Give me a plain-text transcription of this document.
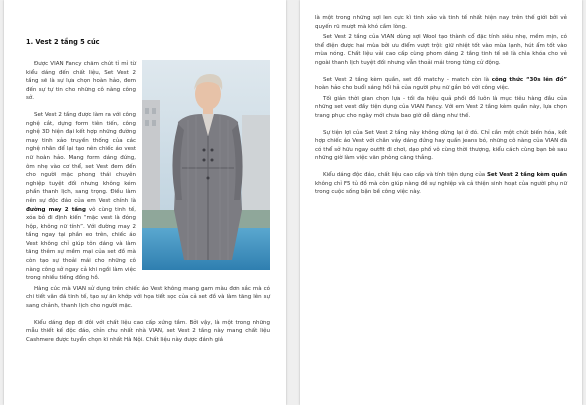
1. Vest 2 tầng 5 cúc

Được VIAN Fancy chăm chút tỉ mỉ từ kiểu dáng đến chất liệu, Set Vest 2 tầng sẽ là sự lựa chọn hoàn hảo, đem đến sự tự tin cho những cô nàng công sở.

Set Vest 2 tầng được làm ra với công nghệ cắt, dựng form tiên tiến, công nghệ 3D hiện đại kết hợp những đường may tinh xảo truyền thống của các nghệ nhân để lại tạo nên chiếc áo vest nữ hoàn hảo. Mang form dáng đứng, ôm nhẹ vào cơ thể, set Vest đem đến cho người mặc phong thái chuyên nghiệp tuyệt đối nhưng không kém phần thanh lịch, sang trọng. Điều làm nên sự độc đáo của em Vest chính là đường may 2 tầng vô cùng tinh tế, xóa bỏ đi định kiến “mặc vest là đóng hộp, không nữ tính”. Với đường may 2 tầng ngay tại phần eo trên, chiếc áo Vest không chỉ giúp tôn dáng và làm tăng thêm sự mềm mại của set đồ mà còn tạo sự thoải mái cho những cô nàng công sở ngay cả khi ngồi làm việc trong nhiều tiếng đồng hồ.

Hàng cúc mà VIAN sử dụng trên chiếc áo Vest không mang gam màu đơn sắc mà có chi tiết vân đá tinh tế, tạo sự ăn khớp với họa tiết sọc của cả set đồ và làm tăng lên sự sang chảnh, thanh lịch cho người mặc.

Kiểu dáng đẹp đi đôi với chất liệu cao cấp xứng tầm. Bởi vậy, là một trong những mẫu thiết kế độc đáo, chỉn chu nhất nhà VIAN, set Vest 2 tầng này mang chất liệu Cashmere được tuyển chọn kĩ nhất Hà Nội. Chất liệu này được đánh giá

là một trong những sợi len cực kì tinh xảo và tinh tế nhất hiện nay trên thế giới bởi vẻ quyến rũ mượt mà khó cầm lòng.

Set Vest 2 tầng của VIAN dùng sợi Wool tạo thành cổ đặc tính siêu nhẹ, mềm mịn, có thể điện được hai mùa bởi ưu điểm vượt trội: giữ nhiệt tốt vào mùa lạnh, hút ẩm tốt vào mùa nóng. Chất liệu vải cao cấp cùng phom dáng 2 tầng tinh tế sẽ là chìa khóa cho vẻ ngoài thanh lịch tuyệt đối nhưng vẫn thoải mái trong từng cử động.

Set Vest 2 tầng kèm quần, set đồ matchy - match còn là công thức “30s lên đồ” hoàn hảo cho buổi sáng hối hả của người phụ nữ gắn bó với công việc.

Tối giản thời gian chọn lựa - tối đa hiệu quả phối đồ luôn là mục tiêu hàng đầu của những set vest đầy tiện dụng của VIAN Fancy. Với em Vest 2 tầng kèm quần này, lựa chọn trang phục cho ngày mới chưa bao giờ dễ dàng như thế.

Sự tiện lợi của Set Vest 2 tầng này không dừng lại ở đó. Chỉ cần một chút biến hóa, kết hợp chiếc áo Vest với chân váy dáng đứng hay quần jeans bó, những cô nàng của VIAN đã có thể sở hữu ngay outfit đi chơi, dạo phố vô cùng thời thượng, kiểu cách cùng bạn bè sau những giờ làm việc văn phòng căng thẳng.

Kiểu dáng độc đáo, chất liệu cao cấp và tính tiện dụng của Set Vest 2 tầng kèm quần không chỉ F5 tủ đồ mà còn giúp nàng đề sự nghiệp và cả thiện sinh hoạt của người phụ nữ trong cuộc sống bận bề công việc này.
